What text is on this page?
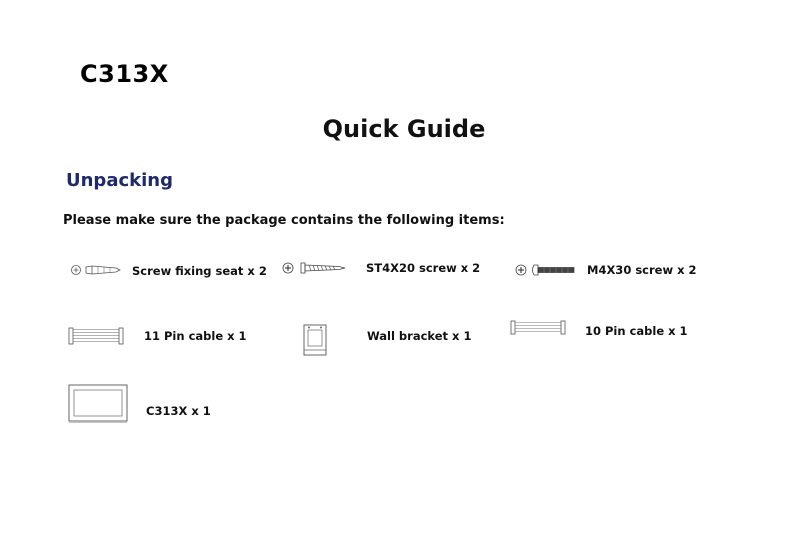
C313X
Quick Guide
Unpacking
Please make sure the package contains the following items:
Screw fixing seat x 2	ST4X20 screw x 2	M4X30 screw x 2
11 Pin cable x 1	Wall bracket x 1	10 Pin cable x 1
C313X x 1
